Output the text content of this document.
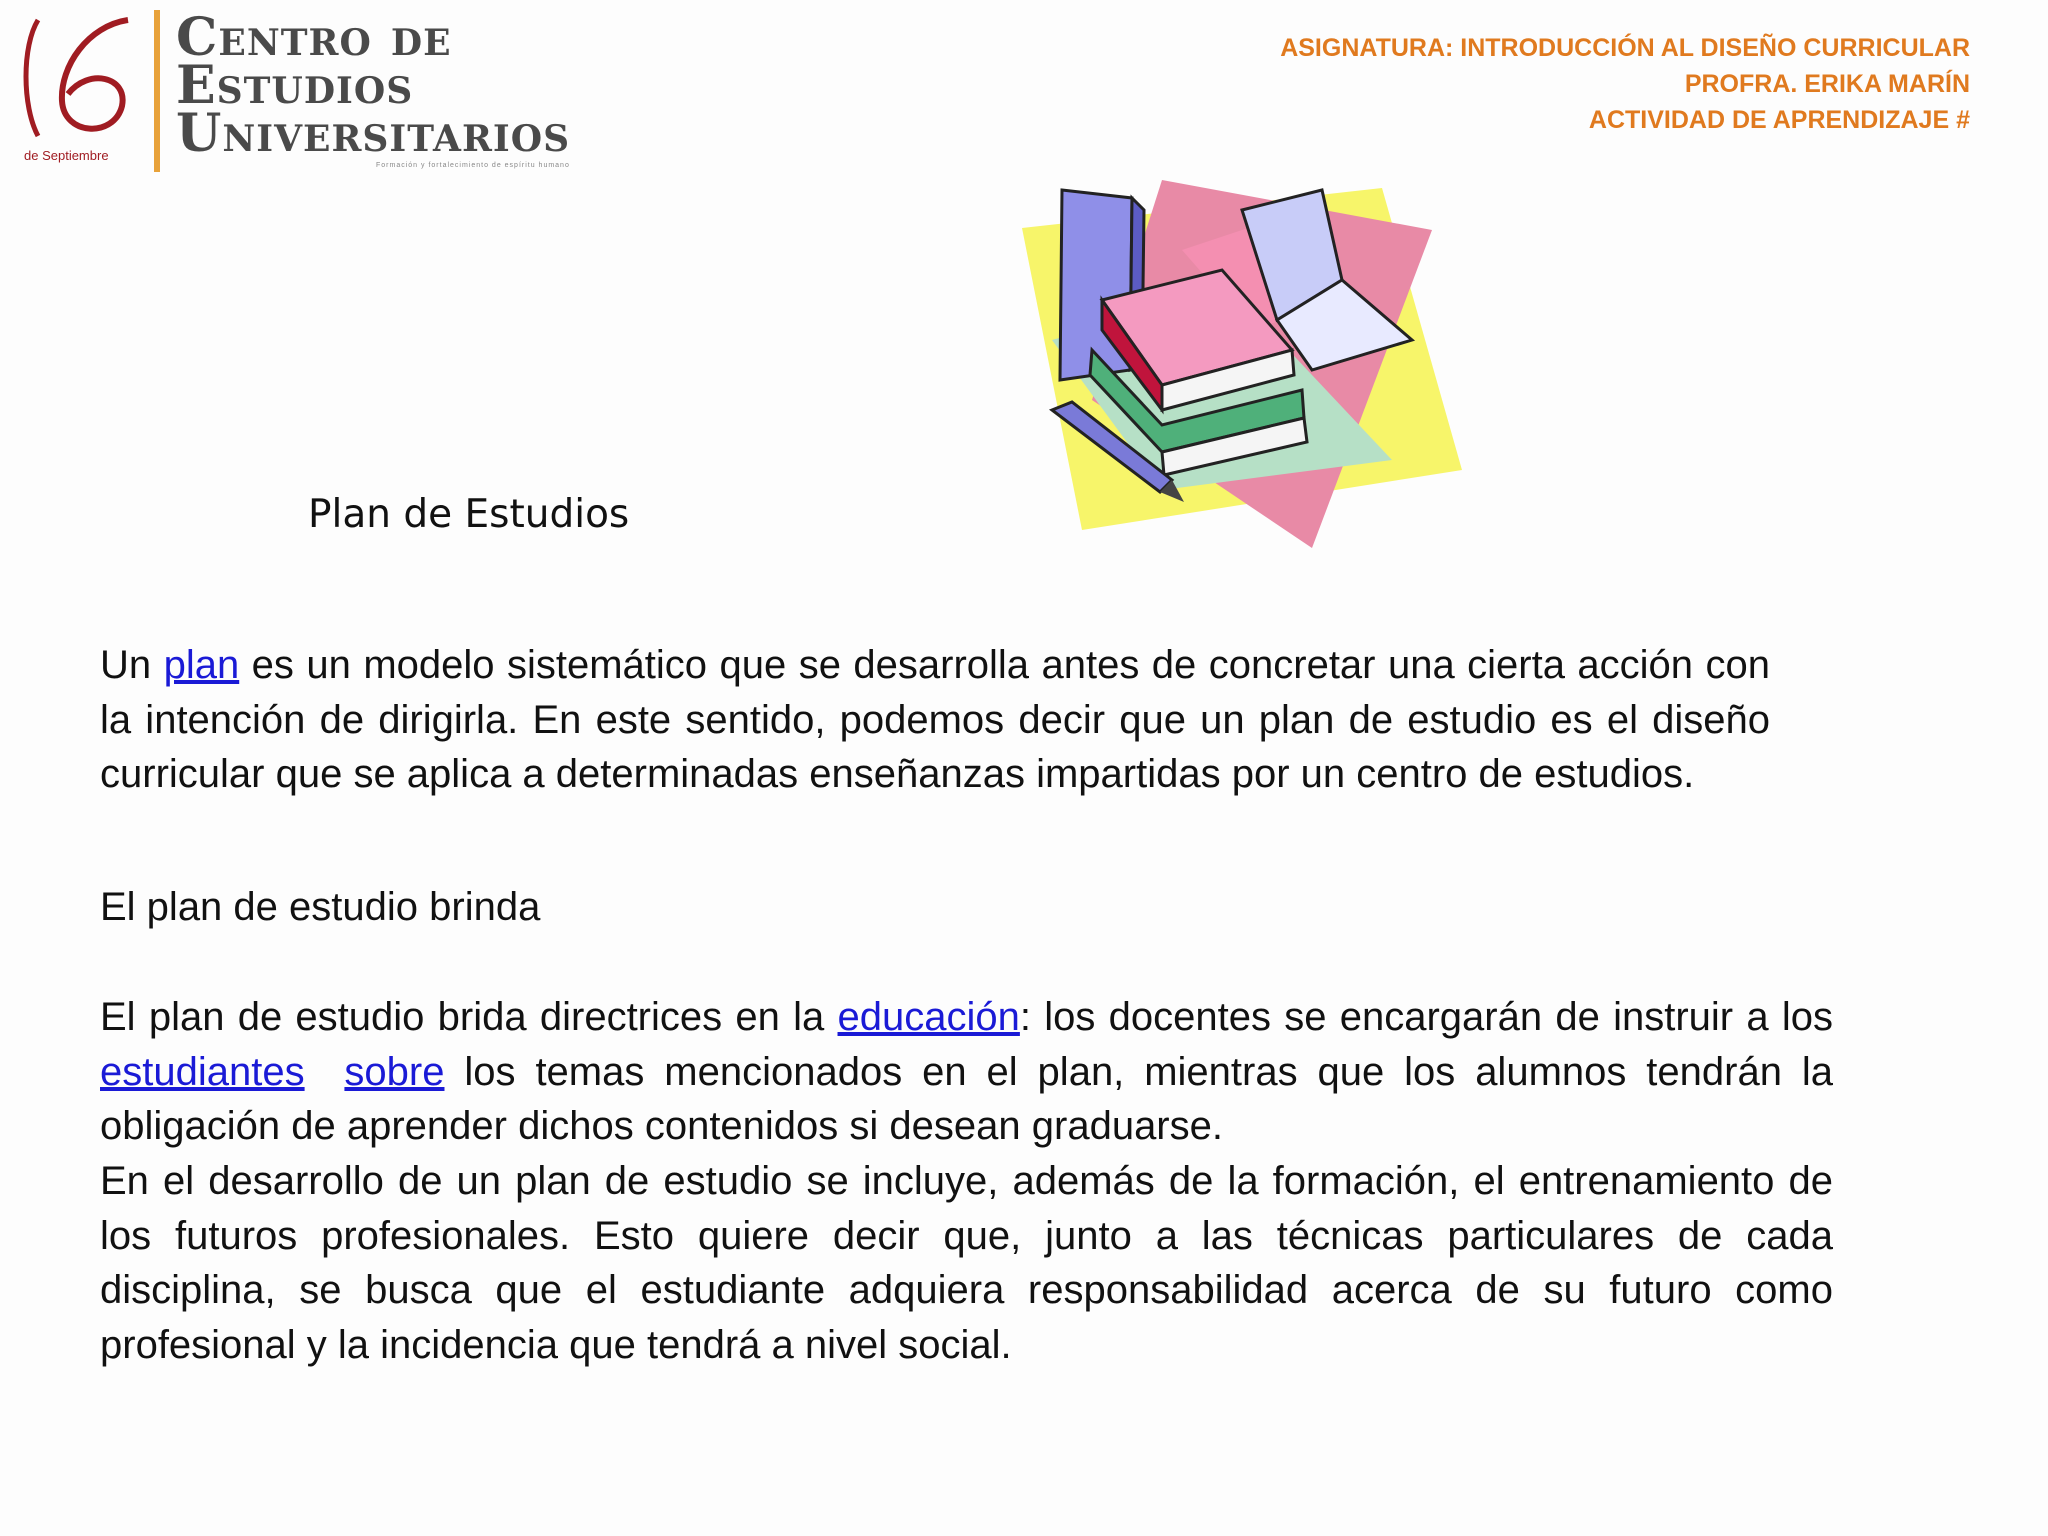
de Septiembre
Centro de
Estudios
Universitarios
Formación y fortalecimiento de espíritu humano
ASIGNATURA: INTRODUCCIÓN AL DISEÑO CURRICULAR
PROFRA. ERIKA MARÍN
ACTIVIDAD DE APRENDIZAJE #
Plan de Estudios
Un plan es un modelo sistemático que se desarrolla antes de concretar una cierta acción con la intención de dirigirla. En este sentido, podemos decir que un plan de estudio es el diseño curricular que se aplica a determinadas enseñanzas impartidas por un centro de estudios.
El plan de estudio brinda
El plan de estudio brida directrices en la educación: los docentes se encargarán de instruir a los estudiantes sobre los temas mencionados en el plan, mientras que los alumnos tendrán la obligación de aprender dichos contenidos si desean graduarse.
En el desarrollo de un plan de estudio se incluye, además de la formación, el entrenamiento de los futuros profesionales. Esto quiere decir que, junto a las técnicas particulares de cada disciplina, se busca que el estudiante adquiera responsabilidad acerca de su futuro como profesional y la incidencia que tendrá a nivel social.
